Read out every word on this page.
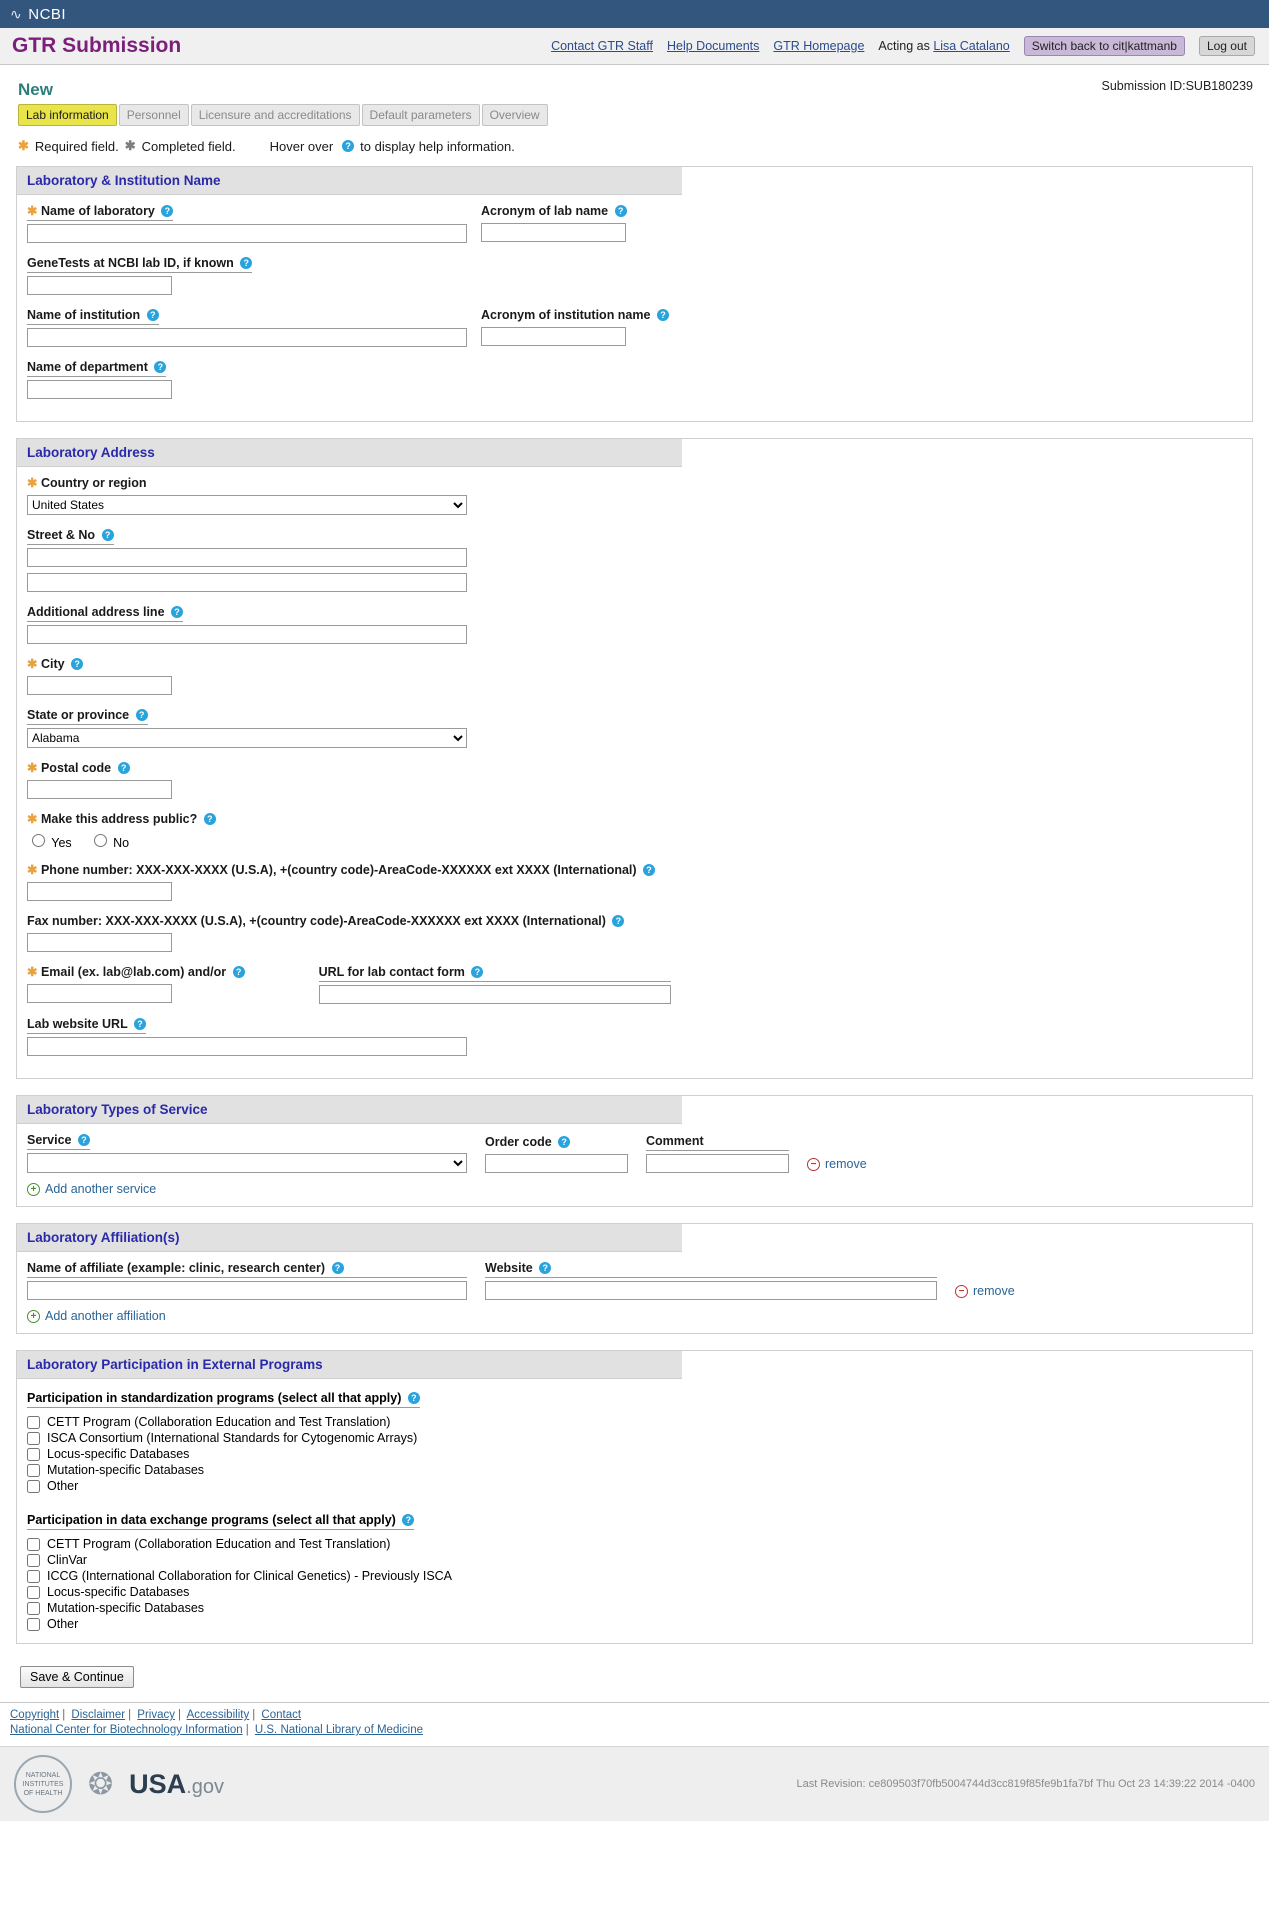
∿ NCBI
GTR Submission	Contact GTR Staff Help Documents GTR Homepage Acting as Lisa Catalano	Switch back to cit|kattmanb	Log out
Submission ID:SUB180239
New
Lab information	Personnel	Licensure and accreditations	Default parameters	Overview
✱ Required field. ✱ Completed field.	Hover over	? to display help information.
Laboratory & Institution Name
✱ Name of laboratory ?	Acronym of lab name ?
GeneTests at NCBI lab ID, if known ?
Name of institution ?	Acronym of institution name ?
Name of department ?
Laboratory Address
✱ Country or region
United States
Street & No ?
Additional address line ?
✱ City ?
State or province ?
Alabama
✱ Postal code ?
✱ Make this address public? ?
Yes	No
✱ Phone number: XXX-XXX-XXXX (U.S.A), +(country code)-AreaCode-XXXXXX ext XXXX (International) ?
Fax number: XXX-XXX-XXXX (U.S.A), +(country code)-AreaCode-XXXXXX ext XXXX (International) ?
✱ Email (ex. lab@lab.com) and/or ?	URL for lab contact form ?
Lab website URL ?
Laboratory Types of Service
Service ?	Order code ?	Comment
− remove
+ Add another service
Laboratory Affiliation(s)
Name of affiliate (example: clinic, research center) ?	Website ?
− remove
+ Add another affiliation
Laboratory Participation in External Programs
Participation in standardization programs (select all that apply) ?
CETT Program (Collaboration Education and Test Translation)
ISCA Consortium (International Standards for Cytogenomic Arrays)
Locus-specific Databases
Mutation-specific Databases
Other
Participation in data exchange programs (select all that apply) ?
CETT Program (Collaboration Education and Test Translation)
ClinVar
ICCG (International Collaboration for Clinical Genetics) - Previously ISCA
Locus-specific Databases
Mutation-specific Databases
Other
Save & Continue
Copyright | Disclaimer | Privacy | Accessibility | Contact
National Center for Biotechnology Information | U.S. National Library of Medicine
NATIONAL INSTITUTES OF HEALTH ❂ USA.gov	Last Revision: ce809503f70fb5004744d3cc819f85fe9b1fa7bf Thu Oct 23 14:39:22 2014 -0400
